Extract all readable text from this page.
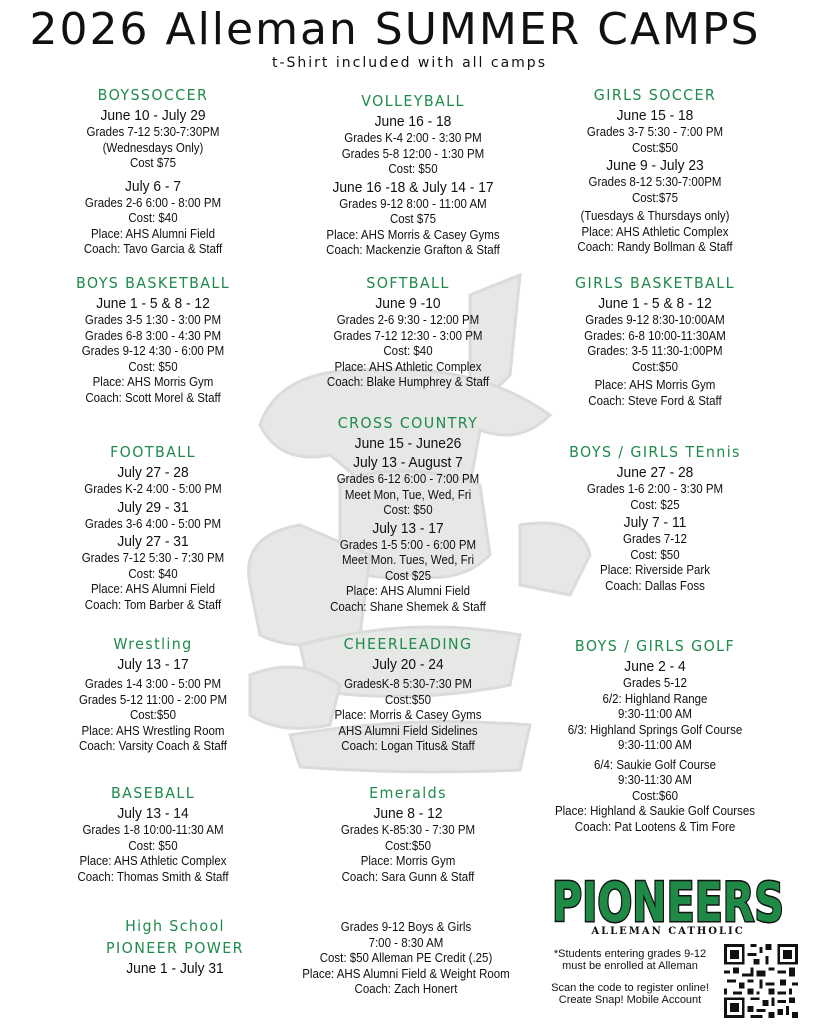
2026 Alleman SUMMER CAMPS
t-Shirt included with all camps
BOYSSOCCER
June 10 - July 29
Grades 7-12 5:30-7:30PM
(Wednesdays Only)
Cost $75
July 6 - 7
Grades 2-6 6:00 - 8:00 PM
Cost: $40
Place: AHS Alumni Field
Coach: Tavo Garcia & Staff
VOLLEYBALL
June 16 - 18
Grades K-4 2:00 - 3:30 PM
Grades 5-8 12:00 - 1:30 PM
Cost: $50
June 16 -18 & July 14 - 17
Grades 9-12 8:00 - 11:00 AM
Cost $75
Place: AHS Morris & Casey Gyms
Coach: Mackenzie Grafton & Staff
GIRLS SOCCER
June 15 - 18
Grades 3-7 5:30 - 7:00 PM
Cost:$50
June 9 - July 23
Grades 8-12 5:30-7:00PM
Cost:$75
(Tuesdays & Thursdays only)
Place: AHS Athletic Complex
Coach: Randy Bollman & Staff
BOYS BASKETBALL
June 1 - 5 & 8 - 12
Grades 3-5 1:30 - 3:00 PM
Grades 6-8 3:00 - 4:30 PM
Grades 9-12 4:30 - 6:00 PM
Cost: $50
Place: AHS Morris Gym
Coach: Scott Morel & Staff
SOFTBALL
June 9 -10
Grades 2-6 9:30 - 12:00 PM
Grades 7-12 12:30 - 3:00 PM
Cost: $40
Place: AHS Athletic Complex
Coach: Blake Humphrey & Staff
GIRLS BASKETBALL
June 1 - 5 & 8 - 12
Grades 9-12 8:30-10:00AM
Grades: 6-8 10:00-11:30AM
Grades: 3-5 11:30-1:00PM
Cost:$50
Place: AHS Morris Gym
Coach: Steve Ford & Staff
FOOTBALL
July 27 - 28
Grades K-2 4:00 - 5:00 PM
July 29 - 31
Grades 3-6 4:00 - 5:00 PM
July 27 - 31
Grades 7-12 5:30 - 7:30 PM
Cost: $40
Place: AHS Alumni Field
Coach: Tom Barber & Staff
CROSS COUNTRY
June 15 - June26
July 13 - August 7
Grades 6-12 6:00 - 7:00 PM
Meet Mon, Tue, Wed, Fri
Cost: $50
July 13 - 17
Grades 1-5 5:00 - 6:00 PM
Meet Mon. Tues, Wed, Fri
Cost $25
Place: AHS Alumni Field
Coach: Shane Shemek & Staff
BOYS / GIRLS TEnnis
June 27 - 28
Grades 1-6 2:00 - 3:30 PM
Cost: $25
July 7 - 11
Grades 7-12
Cost: $50
Place: Riverside Park
Coach: Dallas Foss
Wrestling
July 13 - 17
Grades 1-4 3:00 - 5:00 PM
Grades 5-12 11:00 - 2:00 PM
Cost:$50
Place: AHS Wrestling Room
Coach: Varsity Coach & Staff
CHEERLEADING
July 20 - 24
GradesK-8 5:30-7:30 PM
Cost:$50
Place: Morris & Casey Gyms
AHS Alumni Field Sidelines
Coach: Logan Titus& Staff
BOYS / GIRLS GOLF
June 2 - 4
Grades 5-12
6/2: Highland Range
9:30-11:00 AM
6/3: Highland Springs Golf Course
9:30-11:00 AM
6/4: Saukie Golf Course
9:30-11:30 AM
Cost:$60
Place: Highland & Saukie Golf Courses
Coach: Pat Lootens & Tim Fore
BASEBALL
July 13 - 14
Grades 1-8 10:00-11:30 AM
Cost: $50
Place: AHS Athletic Complex
Coach: Thomas Smith & Staff
Emeralds
June 8 - 12
Grades K-85:30 - 7:30 PM
Cost:$50
Place: Morris Gym
Coach: Sara Gunn & Staff
High School
PIONEER POWER
June 1 - July 31
Grades 9-12 Boys & Girls
7:00 - 8:30 AM
Cost: $50 Alleman PE Credit (.25)
Place: AHS Alumni Field & Weight Room
Coach: Zach Honert
PIONEERS
ALLEMAN CATHOLIC
*Students entering grades 9-12
must be enrolled at Alleman
Scan the code to register online!
Create Snap! Mobile Account
